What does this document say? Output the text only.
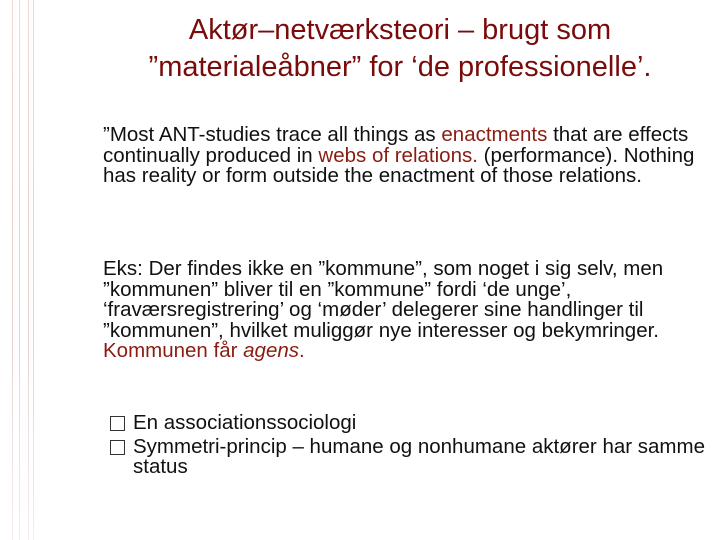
Aktør–netværksteori – brugt som
”materialeåbner” for ‘de professionelle’.

”Most ANT-studies trace all things as enactments that are effects continually produced in webs of relations. (performance). Nothing has reality or form outside the enactment of those relations.

Eks: Der findes ikke en ”kommune”, som noget i sig selv, men ”kommunen” bliver til en ”kommune” fordi ‘de unge’, ‘fraværsregistrering’ og ‘møder’ delegerer sine handlinger til ”kommunen”, hvilket muliggør nye interesser og bekymringer. Kommunen får agens.

En associationssociologi
Symmetri-princip – humane og nonhumane aktører har samme status
